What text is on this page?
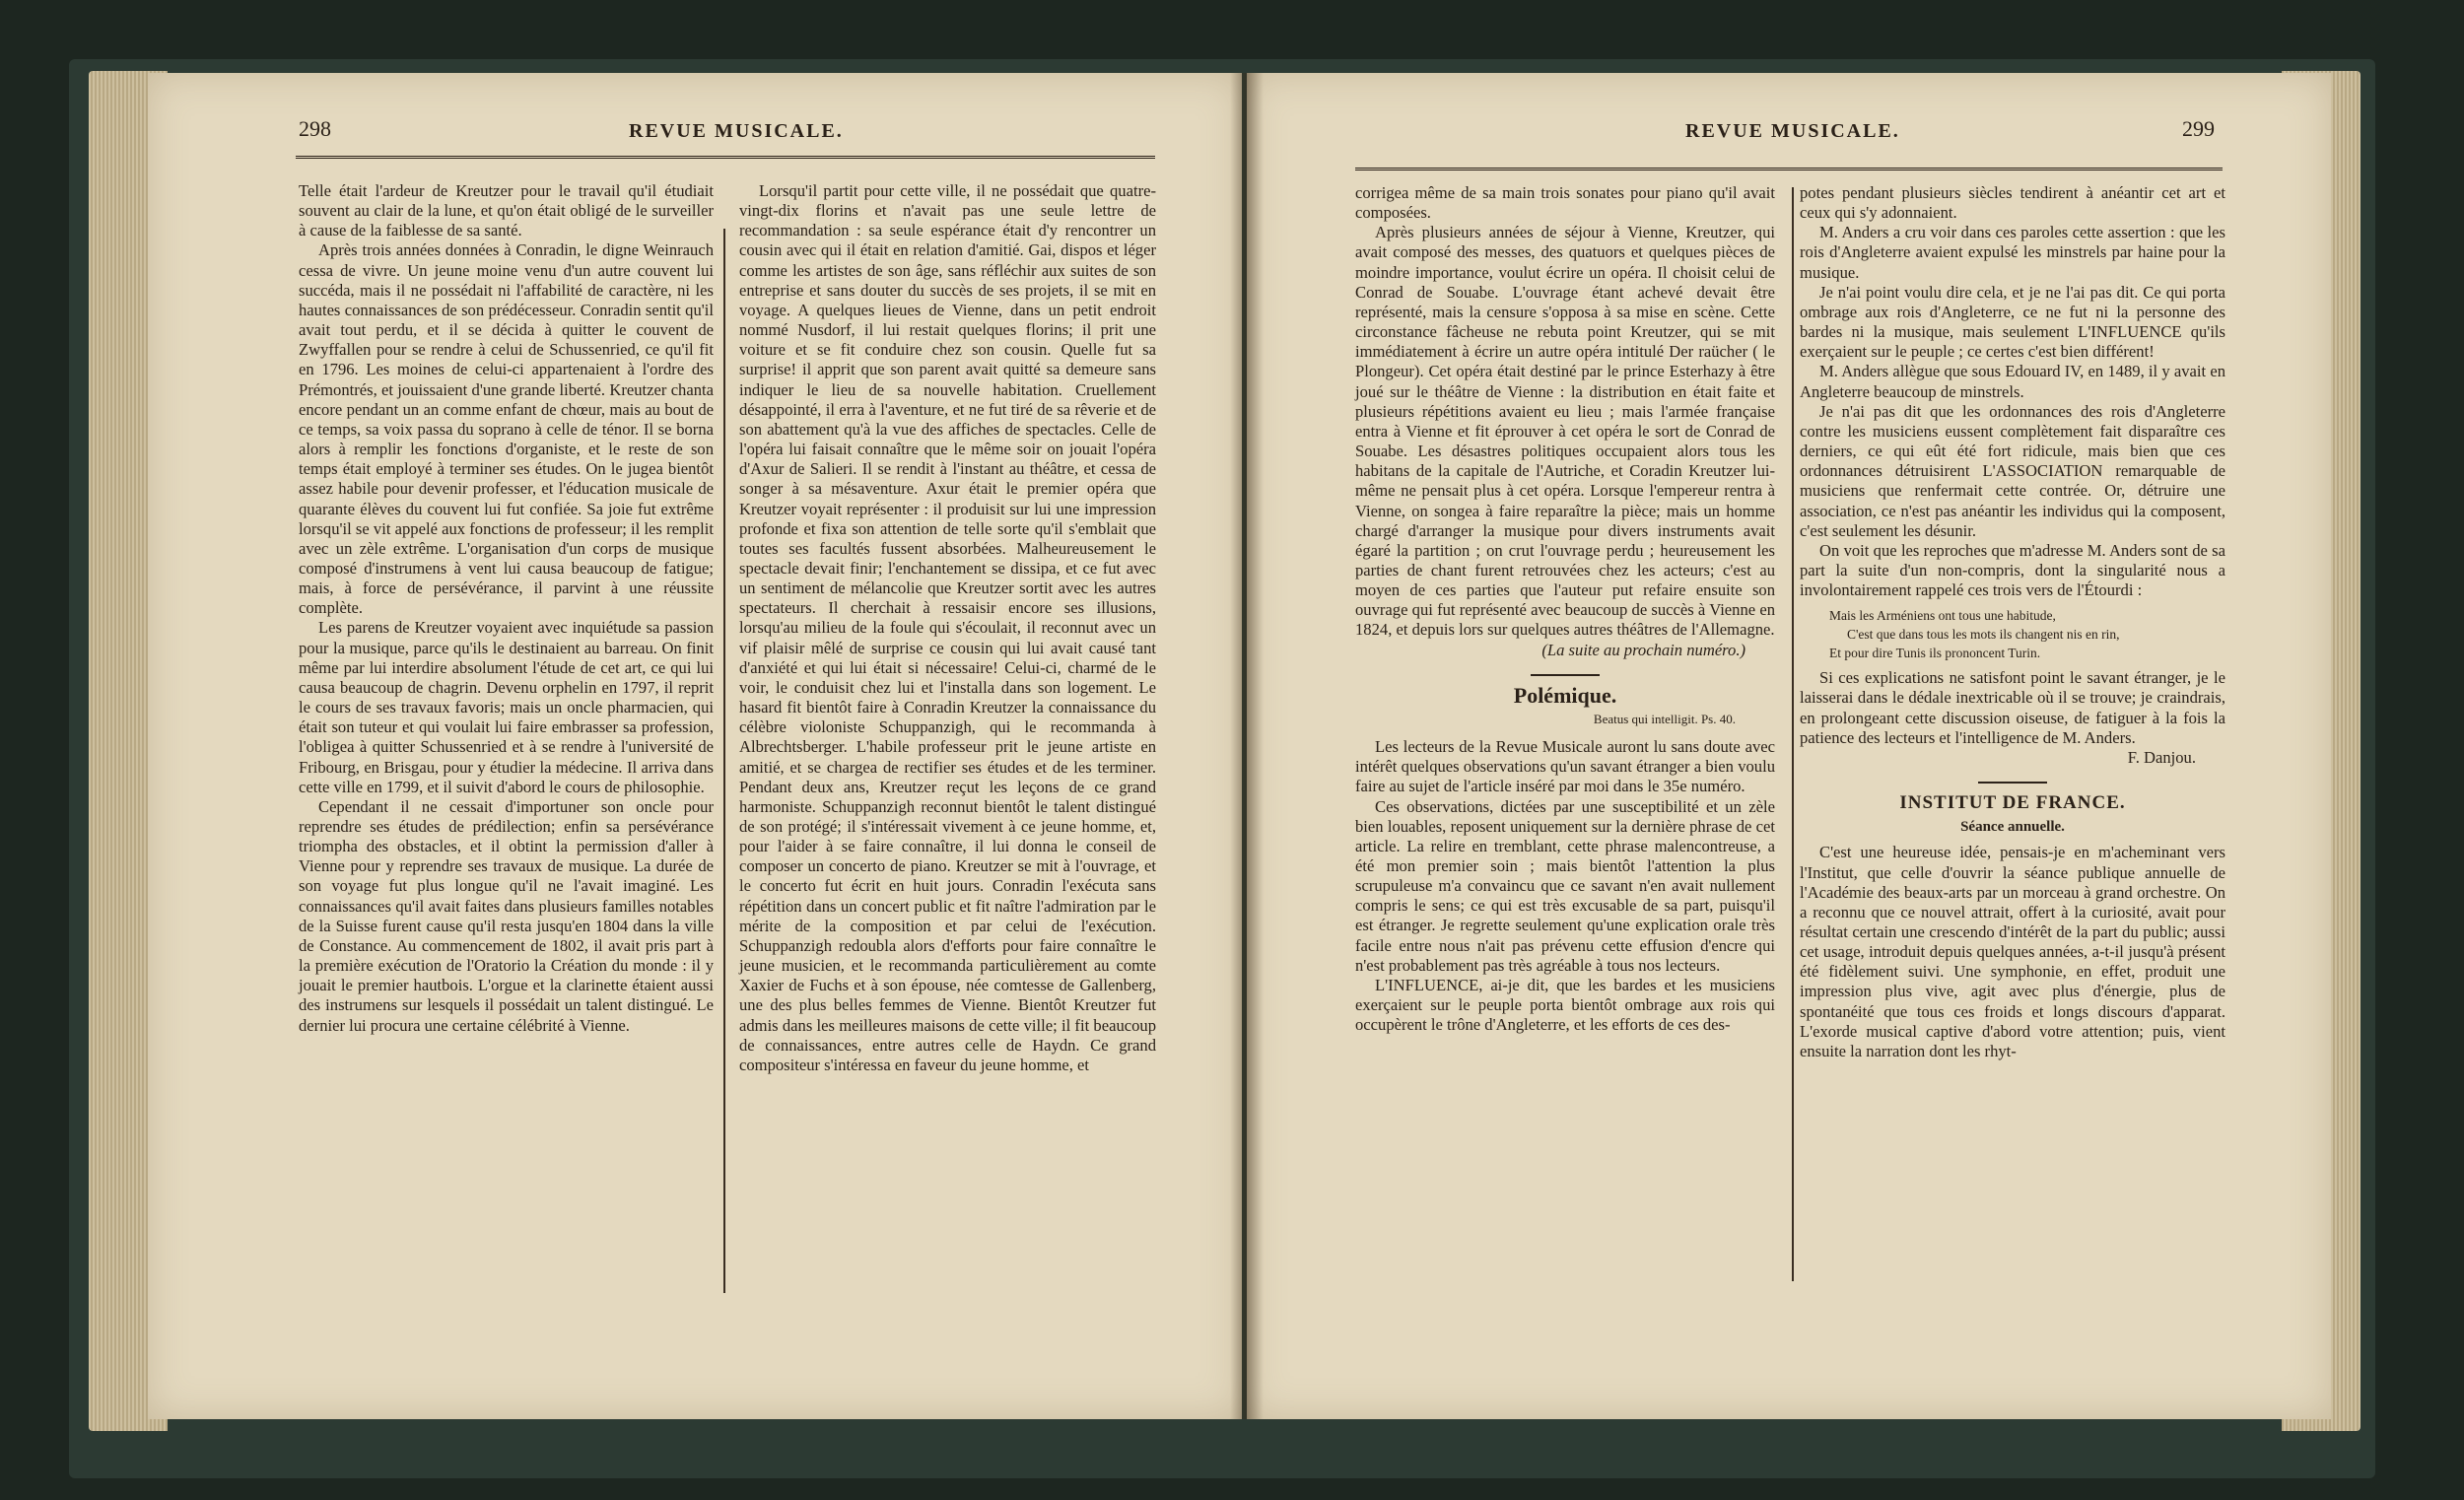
298	REVUE MUSICALE.

Telle était l'ardeur de Kreutzer pour le travail qu'il étudiait souvent au clair de la lune, et qu'on était obligé de le surveiller à cause de la faiblesse de sa santé.

Après trois années données à Conradin, le digne Weinrauch cessa de vivre. Un jeune moine venu d'un autre couvent lui succéda, mais il ne possédait ni l'affabilité de caractère, ni les hautes connaissances de son prédécesseur. Conradin sentit qu'il avait tout perdu, et il se décida à quitter le couvent de Zwyffallen pour se rendre à celui de Schussenried, ce qu'il fit en 1796. Les moines de celui-ci appartenaient à l'ordre des Prémontrés, et jouissaient d'une grande liberté. Kreutzer chanta encore pendant un an comme enfant de chœur, mais au bout de ce temps, sa voix passa du soprano à celle de ténor. Il se borna alors à remplir les fonctions d'organiste, et le reste de son temps était employé à terminer ses études. On le jugea bientôt assez habile pour devenir professer, et l'éducation musicale de quarante élèves du couvent lui fut confiée. Sa joie fut extrême lorsqu'il se vit appelé aux fonctions de professeur; il les remplit avec un zèle extrême. L'organisation d'un corps de musique composé d'instrumens à vent lui causa beaucoup de fatigue; mais, à force de persévérance, il parvint à une réussite complète.

Les parens de Kreutzer voyaient avec inquiétude sa passion pour la musique, parce qu'ils le destinaient au barreau. On finit même par lui interdire absolument l'étude de cet art, ce qui lui causa beaucoup de chagrin. Devenu orphelin en 1797, il reprit le cours de ses travaux favoris; mais un oncle pharmacien, qui était son tuteur et qui voulait lui faire embrasser sa profession, l'obligea à quitter Schussenried et à se rendre à l'université de Fribourg, en Brisgau, pour y étudier la médecine. Il arriva dans cette ville en 1799, et il suivit d'abord le cours de philosophie.

Cependant il ne cessait d'importuner son oncle pour reprendre ses études de prédilection; enfin sa persévérance triompha des obstacles, et il obtint la permission d'aller à Vienne pour y reprendre ses travaux de musique. La durée de son voyage fut plus longue qu'il ne l'avait imaginé. Les connaissances qu'il avait faites dans plusieurs familles notables de la Suisse furent cause qu'il resta jusqu'en 1804 dans la ville de Constance. Au commencement de 1802, il avait pris part à la première exécution de l'Oratorio la Création du monde : il y jouait le premier hautbois. L'orgue et la clarinette étaient aussi des instrumens sur lesquels il possédait un talent distingué. Le dernier lui procura une certaine célébrité à Vienne.

Lorsqu'il partit pour cette ville, il ne possédait que quatre-vingt-dix florins et n'avait pas une seule lettre de recommandation : sa seule espérance était d'y rencontrer un cousin avec qui il était en relation d'amitié. Gai, dispos et léger comme les artistes de son âge, sans réfléchir aux suites de son entreprise et sans douter du succès de ses projets, il se mit en voyage. A quelques lieues de Vienne, dans un petit endroit nommé Nusdorf, il lui restait quelques florins; il prit une voiture et se fit conduire chez son cousin. Quelle fut sa surprise! il apprit que son parent avait quitté sa demeure sans indiquer le lieu de sa nouvelle habitation. Cruellement désappointé, il erra à l'aventure, et ne fut tiré de sa rêverie et de son abattement qu'à la vue des affiches de spectacles. Celle de l'opéra lui faisait connaître que le même soir on jouait l'opéra d'Axur de Salieri. Il se rendit à l'instant au théâtre, et cessa de songer à sa mésaventure. Axur était le premier opéra que Kreutzer voyait représenter : il produisit sur lui une impression profonde et fixa son attention de telle sorte qu'il s'emblait que toutes ses facultés fussent absorbées. Malheureusement le spectacle devait finir; l'enchantement se dissipa, et ce fut avec un sentiment de mélancolie que Kreutzer sortit avec les autres spectateurs. Il cherchait à ressaisir encore ses illusions, lorsqu'au milieu de la foule qui s'écoulait, il reconnut avec un vif plaisir mêlé de surprise ce cousin qui lui avait causé tant d'anxiété et qui lui était si nécessaire! Celui-ci, charmé de le voir, le conduisit chez lui et l'installa dans son logement. Le hasard fit bientôt faire à Conradin Kreutzer la connaissance du célèbre violoniste Schuppanzigh, qui le recommanda à Albrechtsberger. L'habile professeur prit le jeune artiste en amitié, et se chargea de rectifier ses études et de les terminer. Pendant deux ans, Kreutzer reçut les leçons de ce grand harmoniste. Schuppanzigh reconnut bientôt le talent distingué de son protégé; il s'intéressait vivement à ce jeune homme, et, pour l'aider à se faire connaître, il lui donna le conseil de composer un concerto de piano. Kreutzer se mit à l'ouvrage, et le concerto fut écrit en huit jours. Conradin l'exécuta sans répétition dans un concert public et fit naître l'admiration par le mérite de la composition et par celui de l'exécution. Schuppanzigh redoubla alors d'efforts pour faire connaître le jeune musicien, et le recommanda particulièrement au comte Xaxier de Fuchs et à son épouse, née comtesse de Gallenberg, une des plus belles femmes de Vienne. Bientôt Kreutzer fut admis dans les meilleures maisons de cette ville; il fit beaucoup de connaissances, entre autres celle de Haydn. Ce grand compositeur s'intéressa en faveur du jeune homme, et

299
REVUE MUSICALE.

corrigea même de sa main trois sonates pour piano qu'il avait composées.

Après plusieurs années de séjour à Vienne, Kreutzer, qui avait composé des messes, des quatuors et quelques pièces de moindre importance, voulut écrire un opéra. Il choisit celui de Conrad de Souabe. L'ouvrage étant achevé devait être représenté, mais la censure s'opposa à sa mise en scène. Cette circonstance fâcheuse ne rebuta point Kreutzer, qui se mit immédiatement à écrire un autre opéra intitulé Der raücher ( le Plongeur). Cet opéra était destiné par le prince Esterhazy à être joué sur le théâtre de Vienne : la distribution en était faite et plusieurs répétitions avaient eu lieu ; mais l'armée française entra à Vienne et fit éprouver à cet opéra le sort de Conrad de Souabe. Les désastres politiques occupaient alors tous les habitans de la capitale de l'Autriche, et Coradin Kreutzer lui-même ne pensait plus à cet opéra. Lorsque l'empereur rentra à Vienne, on songea à faire reparaître la pièce; mais un homme chargé d'arranger la musique pour divers instruments avait égaré la partition ; on crut l'ouvrage perdu ; heureusement les parties de chant furent retrouvées chez les acteurs; c'est au moyen de ces parties que l'auteur put refaire ensuite son ouvrage qui fut représenté avec beaucoup de succès à Vienne en 1824, et depuis lors sur quelques autres théâtres de l'Allemagne.

(La suite au prochain numéro.)

Polémique.
Beatus qui intelligit. Ps. 40.

Les lecteurs de la Revue Musicale auront lu sans doute avec intérêt quelques observations qu'un savant étranger a bien voulu faire au sujet de l'article inséré par moi dans le 35e numéro.

Ces observations, dictées par une susceptibilité et un zèle bien louables, reposent uniquement sur la dernière phrase de cet article. La relire en tremblant, cette phrase malencontreuse, a été mon premier soin ; mais bientôt l'attention la plus scrupuleuse m'a convaincu que ce savant n'en avait nullement compris le sens; ce qui est très excusable de sa part, puisqu'il est étranger. Je regrette seulement qu'une explication orale très facile entre nous n'ait pas prévenu cette effusion d'encre qui n'est probablement pas très agréable à tous nos lecteurs.

L'INFLUENCE, ai-je dit, que les bardes et les musiciens exerçaient sur le peuple porta bientôt ombrage aux rois qui occupèrent le trône d'Angleterre, et les efforts de ces des-

potes pendant plusieurs siècles tendirent à anéantir cet art et ceux qui s'y adonnaient.

M. Anders a cru voir dans ces paroles cette assertion : que les rois d'Angleterre avaient expulsé les minstrels par haine pour la musique.

Je n'ai point voulu dire cela, et je ne l'ai pas dit. Ce qui porta ombrage aux rois d'Angleterre, ce ne fut ni la personne des bardes ni la musique, mais seulement L'INFLUENCE qu'ils exerçaient sur le peuple ; ce certes c'est bien différent!

M. Anders allègue que sous Edouard IV, en 1489, il y avait en Angleterre beaucoup de minstrels.

Je n'ai pas dit que les ordonnances des rois d'Angleterre contre les musiciens eussent complètement fait disparaître ces derniers, ce qui eût été fort ridicule, mais bien que ces ordonnances détruisirent L'ASSOCIATION remarquable de musiciens que renfermait cette contrée. Or, détruire une association, ce n'est pas anéantir les individus qui la composent, c'est seulement les désunir.

On voit que les reproches que m'adresse M. Anders sont de sa part la suite d'un non-compris, dont la singularité nous a involontairement rappelé ces trois vers de l'Étourdi :

Mais les Arméniens ont tous une habitude,
C'est que dans tous les mots ils changent nis en rin,
Et pour dire Tunis ils prononcent Turin.

Si ces explications ne satisfont point le savant étranger, je le laisserai dans le dédale inextricable où il se trouve; je craindrais, en prolongeant cette discussion oiseuse, de fatiguer à la fois la patience des lecteurs et l'intelligence de M. Anders.

F. Danjou.

INSTITUT DE FRANCE.
Séance annuelle.

C'est une heureuse idée, pensais-je en m'acheminant vers l'Institut, que celle d'ouvrir la séance publique annuelle de l'Académie des beaux-arts par un morceau à grand orchestre. On a reconnu que ce nouvel attrait, offert à la curiosité, avait pour résultat certain une crescendo d'intérêt de la part du public; aussi cet usage, introduit depuis quelques années, a-t-il jusqu'à présent été fidèlement suivi. Une symphonie, en effet, produit une impression plus vive, agit avec plus d'énergie, plus de spontanéité que tous ces froids et longs discours d'apparat. L'exorde musical captive d'abord votre attention; puis, vient ensuite la narration dont les rhyt-
